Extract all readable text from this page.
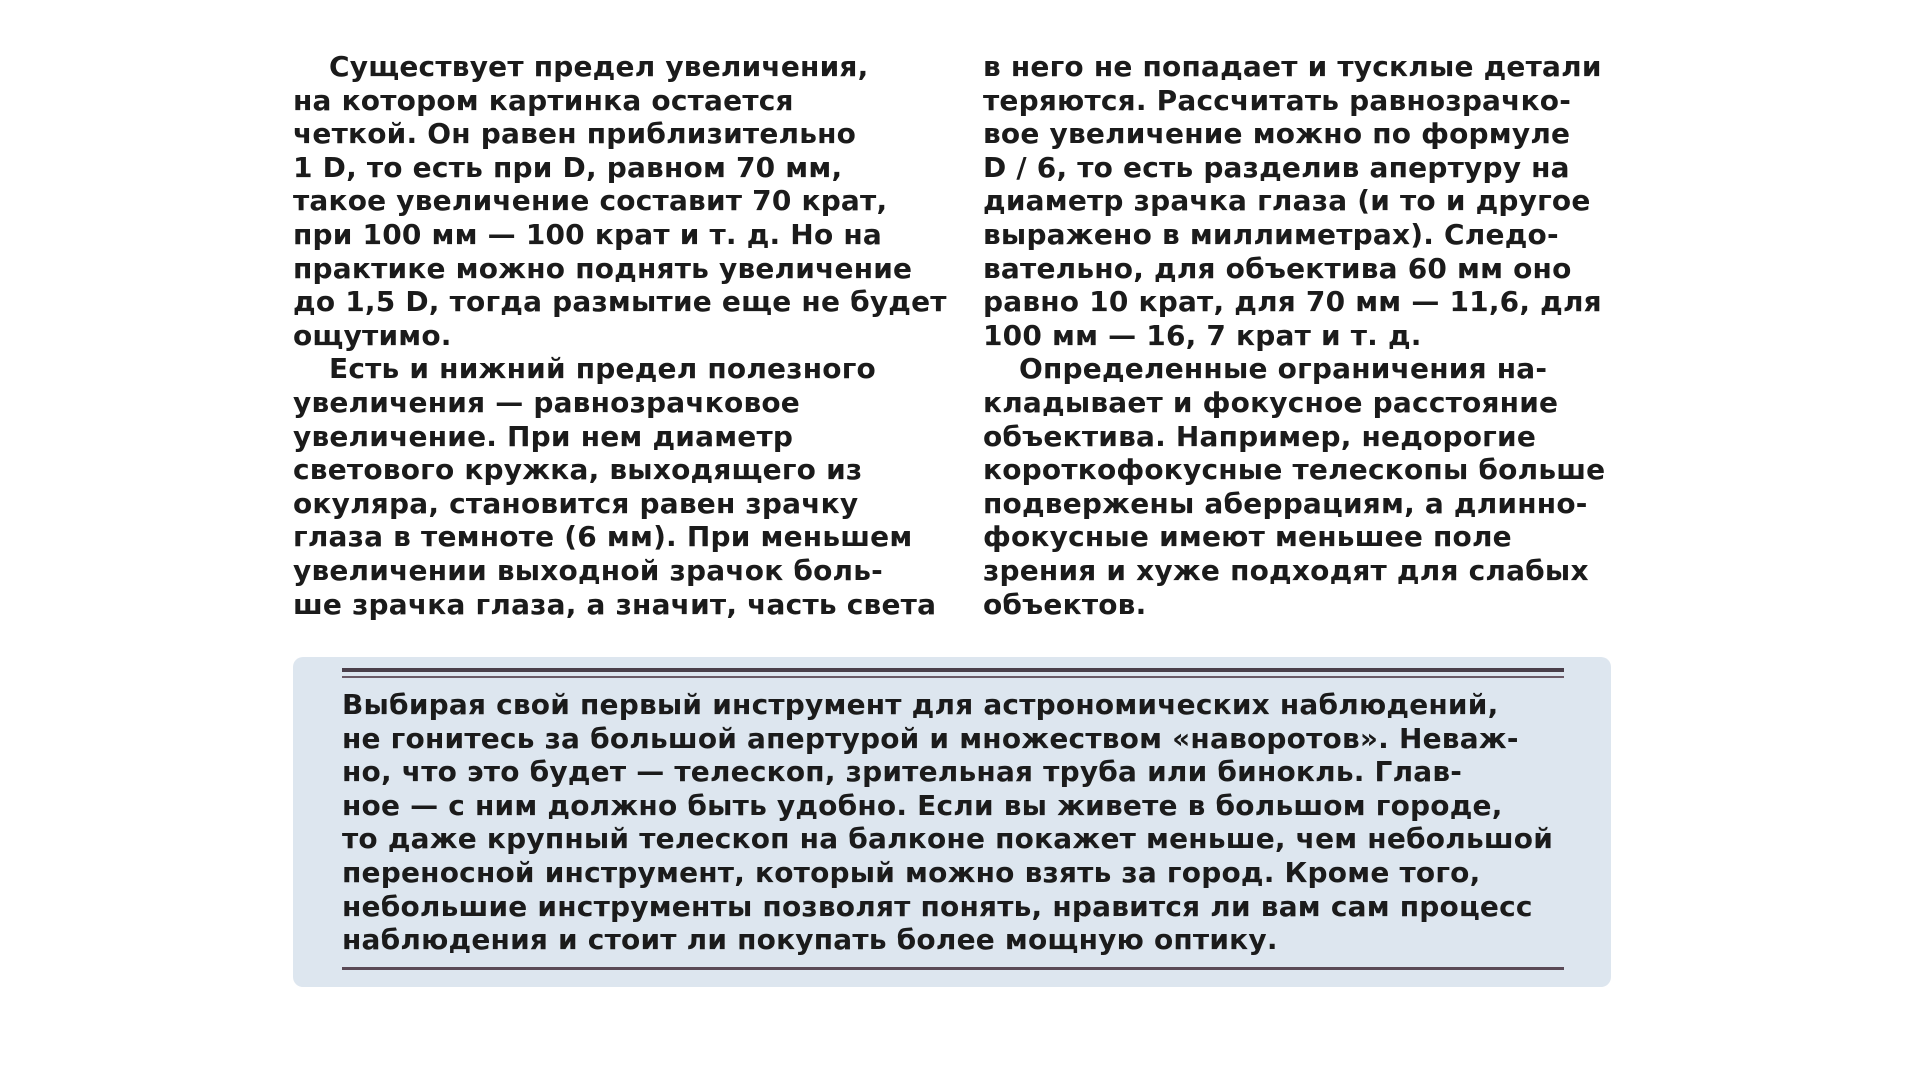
Существует предел увеличения,
на котором картинка остается
четкой. Он равен приблизительно
1 D, то есть при D, равном 70 мм,
такое увеличение составит 70 крат,
при 100 мм — 100 крат и т. д. Но на
практике можно поднять увеличение
до 1,5 D, тогда размытие еще не будет
ощутимо.
Есть и нижний предел полезного
увеличения — равнозрачковое
увеличение. При нем диаметр
светового кружка, выходящего из
окуляра, становится равен зрачку
глаза в темноте (6 мм). При меньшем
увеличении выходной зрачок боль-
ше зрачка глаза, а значит, часть света
в него не попадает и тусклые детали
теряются. Рассчитать равнозрачко-
вое увеличение можно по формуле
D / 6, то есть разделив апертуру на
диаметр зрачка глаза (и то и другое
выражено в миллиметрах). Следо-
вательно, для объектива 60 мм оно
равно 10 крат, для 70 мм — 11,6, для
100 мм — 16, 7 крат и т. д.
Определенные ограничения на-
кладывает и фокусное расстояние
объектива. Например, недорогие
короткофокусные телескопы больше
подвержены аберрациям, а длинно-
фокусные имеют меньшее поле
зрения и хуже подходят для слабых
объектов.
Выбирая свой первый инструмент для астрономических наблюдений,
не гонитесь за большой апертурой и множеством «наворотов». Неваж-
но, что это будет — телескоп, зрительная труба или бинокль. Глав-
ное — с ним должно быть удобно. Если вы живете в большом городе,
то даже крупный телескоп на балконе покажет меньше, чем небольшой
переносной инструмент, который можно взять за город. Кроме того,
небольшие инструменты позволят понять, нравится ли вам сам процесс
наблюдения и стоит ли покупать более мощную оптику.
